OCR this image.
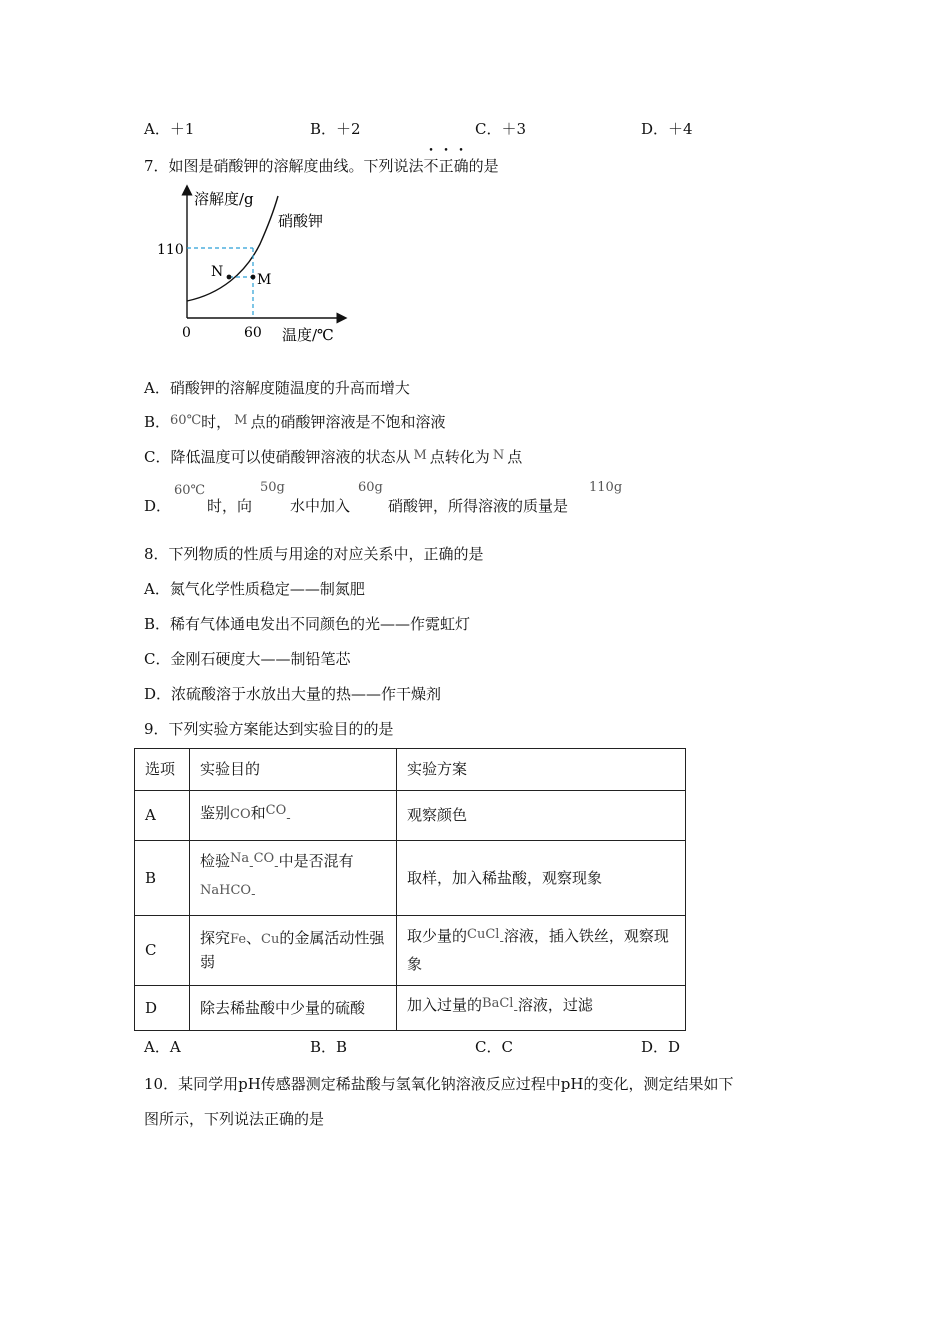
A．＋1	B．＋2	C．＋3	D．＋4
7．如图是硝酸钾的溶解度曲线。下列说法不正确的是
溶解度/g
硝酸钾
110
N M
0	60 温度/℃
A．硝酸钾的溶解度随温度的升高而增大
B．60℃时， M 点的硝酸钾溶液是不饱和溶液
C．降低温度可以使硝酸钾溶液的状态从 M 点转化为 N 点
D．
60℃
时，向
50g
水中加入
60g
硝酸钾，所得溶液的质量是
110g
8．下列物质的性质与用途的对应关系中，正确的是
A．氮气化学性质稳定——制氮肥
B．稀有气体通电发出不同颜色的光——作霓虹灯
C．金刚石硬度大——制铅笔芯
D．浓硫酸溶于水放出大量的热——作干燥剂
9．下列实验方案能达到实验目的的是
选项	实验目的	实验方案
A	鉴别CO和$CO_-$	观察颜色
B	检验$Na_-CO_-$中是否混有
NaHCO$_-$	取样，加入稀盐酸，观察现象
C	探究Fe、Cu的金属活动性强弱	取少量的CuCl$_-$溶液，插入铁丝，观察现象
D	除去稀盐酸中少量的硫酸	加入过量的BaCl$_-$溶液，过滤
A．A	B．B	C．C	D．D
10．某同学用pH传感器测定稀盐酸与氢氧化钠溶液反应过程中pH的变化，测定结果如下
图所示，下列说法正确的是
